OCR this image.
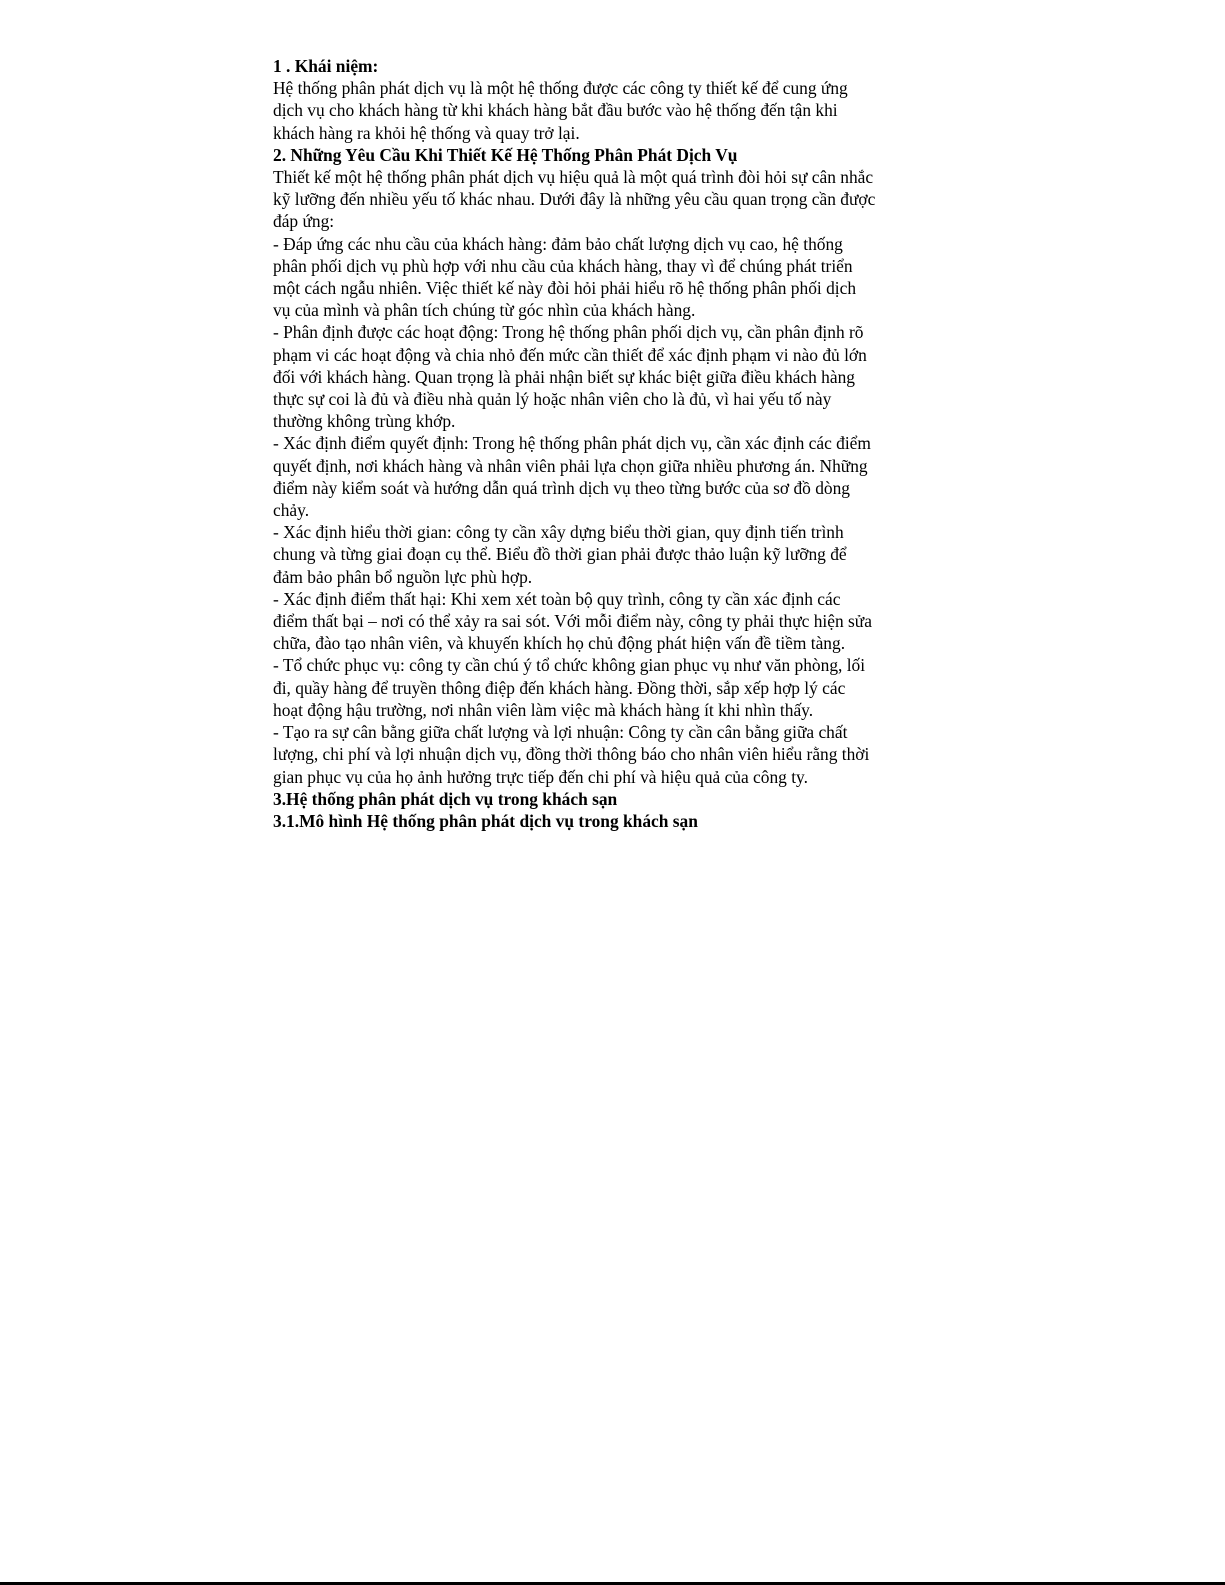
1 . Khái niệm:

Hệ thống phân phát dịch vụ là một hệ thống được các công ty thiết kế để cung ứng
dịch vụ cho khách hàng từ khi khách hàng bắt đầu bước vào hệ thống đến tận khi
khách hàng ra khỏi hệ thống và quay trở lại.

2. Những Yêu Cầu Khi Thiết Kế Hệ Thống Phân Phát Dịch Vụ

Thiết kế một hệ thống phân phát dịch vụ hiệu quả là một quá trình đòi hỏi sự cân nhắc
kỹ lưỡng đến nhiều yếu tố khác nhau. Dưới đây là những yêu cầu quan trọng cần được
đáp ứng:

- Đáp ứng các nhu cầu của khách hàng: đảm bảo chất lượng dịch vụ cao, hệ thống
phân phối dịch vụ phù hợp với nhu cầu của khách hàng, thay vì để chúng phát triển
một cách ngẫu nhiên. Việc thiết kế này đòi hỏi phải hiểu rõ hệ thống phân phối dịch
vụ của mình và phân tích chúng từ góc nhìn của khách hàng.

- Phân định được các hoạt động: Trong hệ thống phân phối dịch vụ, cần phân định rõ
phạm vi các hoạt động và chia nhỏ đến mức cần thiết để xác định phạm vi nào đủ lớn
đối với khách hàng. Quan trọng là phải nhận biết sự khác biệt giữa điều khách hàng
thực sự coi là đủ và điều nhà quản lý hoặc nhân viên cho là đủ, vì hai yếu tố này
thường không trùng khớp.

- Xác định điểm quyết định: Trong hệ thống phân phát dịch vụ, cần xác định các điểm
quyết định, nơi khách hàng và nhân viên phải lựa chọn giữa nhiều phương án. Những
điểm này kiểm soát và hướng dẫn quá trình dịch vụ theo từng bước của sơ đồ dòng
chảy.

- Xác định hiểu thời gian: công ty cần xây dựng biểu thời gian, quy định tiến trình
chung và từng giai đoạn cụ thể. Biểu đồ thời gian phải được thảo luận kỹ lưỡng để
đảm bảo phân bổ nguồn lực phù hợp.

- Xác định điểm thất hại: Khi xem xét toàn bộ quy trình, công ty cần xác định các
điểm thất bại – nơi có thể xảy ra sai sót. Với mỗi điểm này, công ty phải thực hiện sửa
chữa, đào tạo nhân viên, và khuyến khích họ chủ động phát hiện vấn đề tiềm tàng.

- Tổ chức phục vụ: công ty cần chú ý tổ chức không gian phục vụ như văn phòng, lối
đi, quầy hàng để truyền thông điệp đến khách hàng. Đồng thời, sắp xếp hợp lý các
hoạt động hậu trường, nơi nhân viên làm việc mà khách hàng ít khi nhìn thấy.

- Tạo ra sự cân bằng giữa chất lượng và lợi nhuận: Công ty cần cân bằng giữa chất
lượng, chi phí và lợi nhuận dịch vụ, đồng thời thông báo cho nhân viên hiểu rằng thời
gian phục vụ của họ ảnh hưởng trực tiếp đến chi phí và hiệu quả của công ty.

3.Hệ thống phân phát dịch vụ trong khách sạn

3.1.Mô hình Hệ thống phân phát dịch vụ trong khách sạn
